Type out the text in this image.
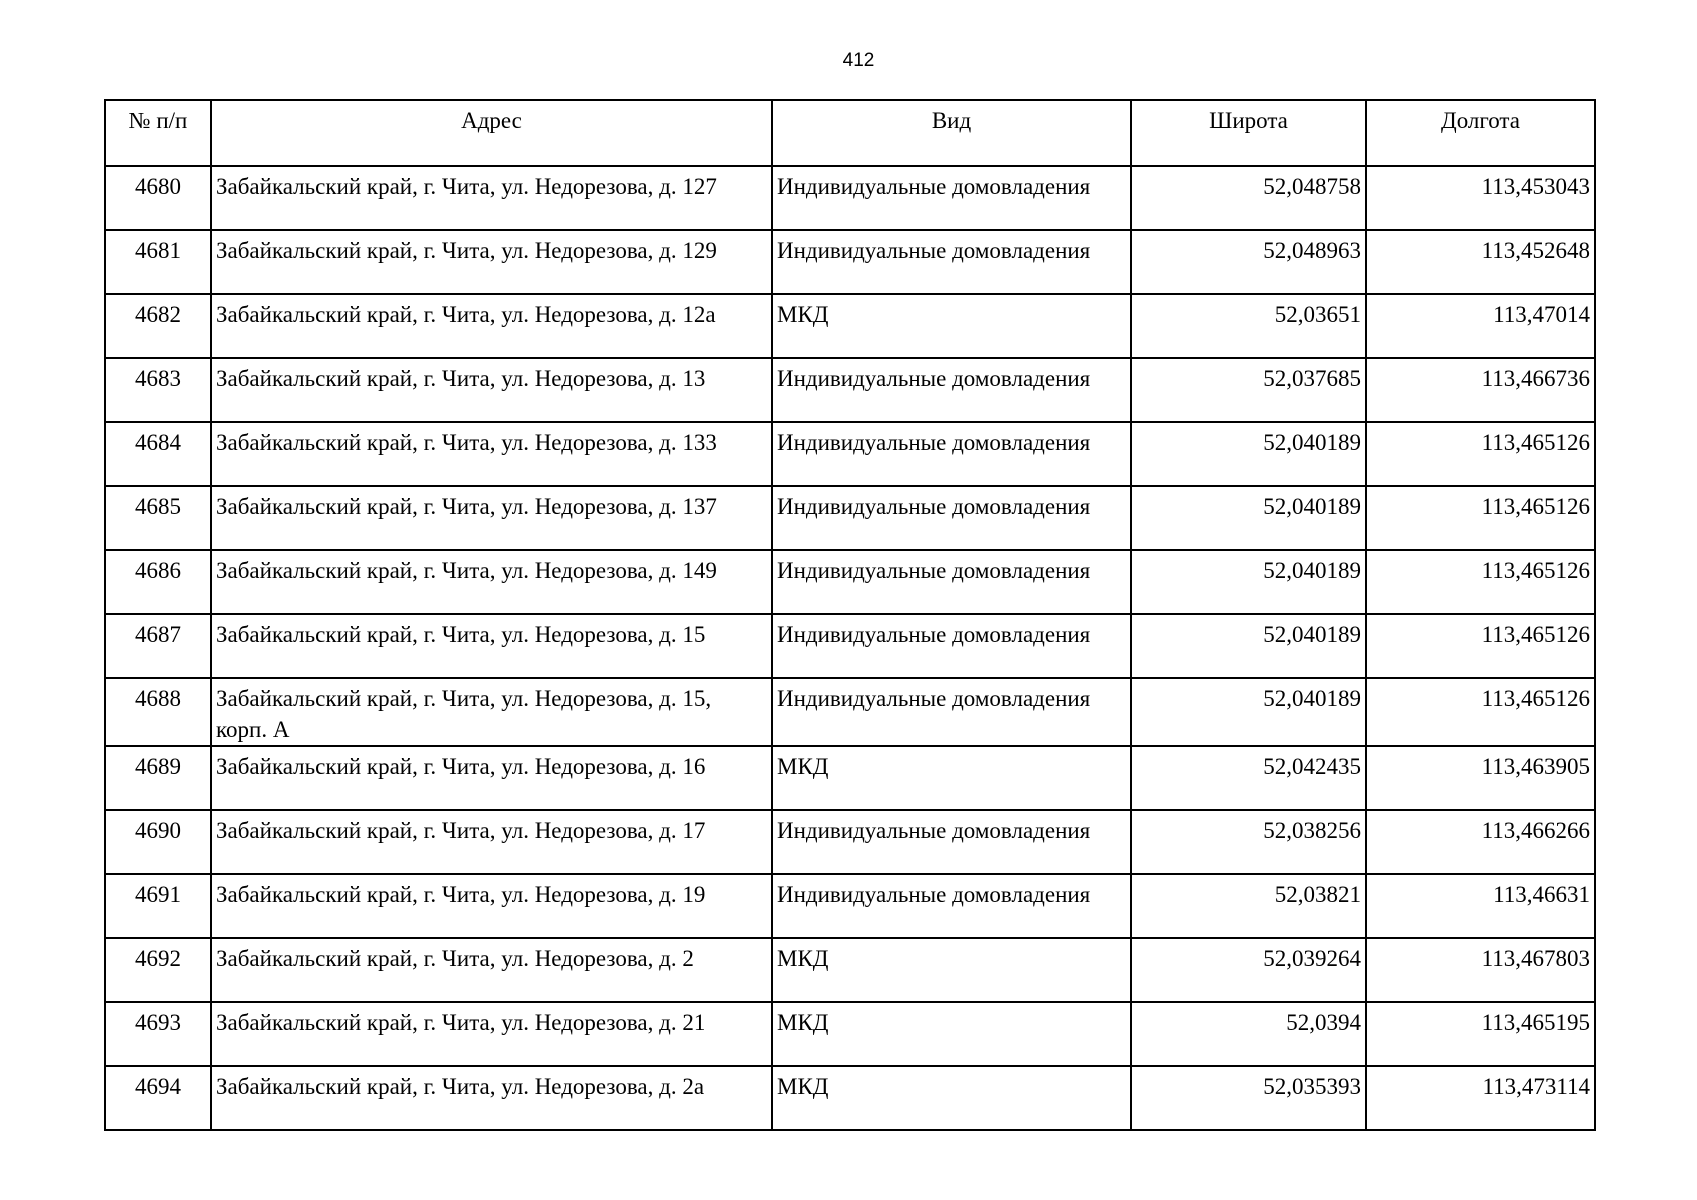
412
№ п/п	Адрес	Вид	Широта	Долгота
4680	Забайкальский край, г. Чита, ул. Недорезова, д. 127	Индивидуальные домовладения	52,048758	113,453043
4681	Забайкальский край, г. Чита, ул. Недорезова, д. 129	Индивидуальные домовладения	52,048963	113,452648
4682	Забайкальский край, г. Чита, ул. Недорезова, д. 12а	МКД	52,03651	113,47014
4683	Забайкальский край, г. Чита, ул. Недорезова, д. 13	Индивидуальные домовладения	52,037685	113,466736
4684	Забайкальский край, г. Чита, ул. Недорезова, д. 133	Индивидуальные домовладения	52,040189	113,465126
4685	Забайкальский край, г. Чита, ул. Недорезова, д. 137	Индивидуальные домовладения	52,040189	113,465126
4686	Забайкальский край, г. Чита, ул. Недорезова, д. 149	Индивидуальные домовладения	52,040189	113,465126
4687	Забайкальский край, г. Чита, ул. Недорезова, д. 15	Индивидуальные домовладения	52,040189	113,465126
4688	Забайкальский край, г. Чита, ул. Недорезова, д. 15, корп. А	Индивидуальные домовладения	52,040189	113,465126
4689	Забайкальский край, г. Чита, ул. Недорезова, д. 16	МКД	52,042435	113,463905
4690	Забайкальский край, г. Чита, ул. Недорезова, д. 17	Индивидуальные домовладения	52,038256	113,466266
4691	Забайкальский край, г. Чита, ул. Недорезова, д. 19	Индивидуальные домовладения	52,03821	113,46631
4692	Забайкальский край, г. Чита, ул. Недорезова, д. 2	МКД	52,039264	113,467803
4693	Забайкальский край, г. Чита, ул. Недорезова, д. 21	МКД	52,0394	113,465195
4694	Забайкальский край, г. Чита, ул. Недорезова, д. 2а	МКД	52,035393	113,473114
